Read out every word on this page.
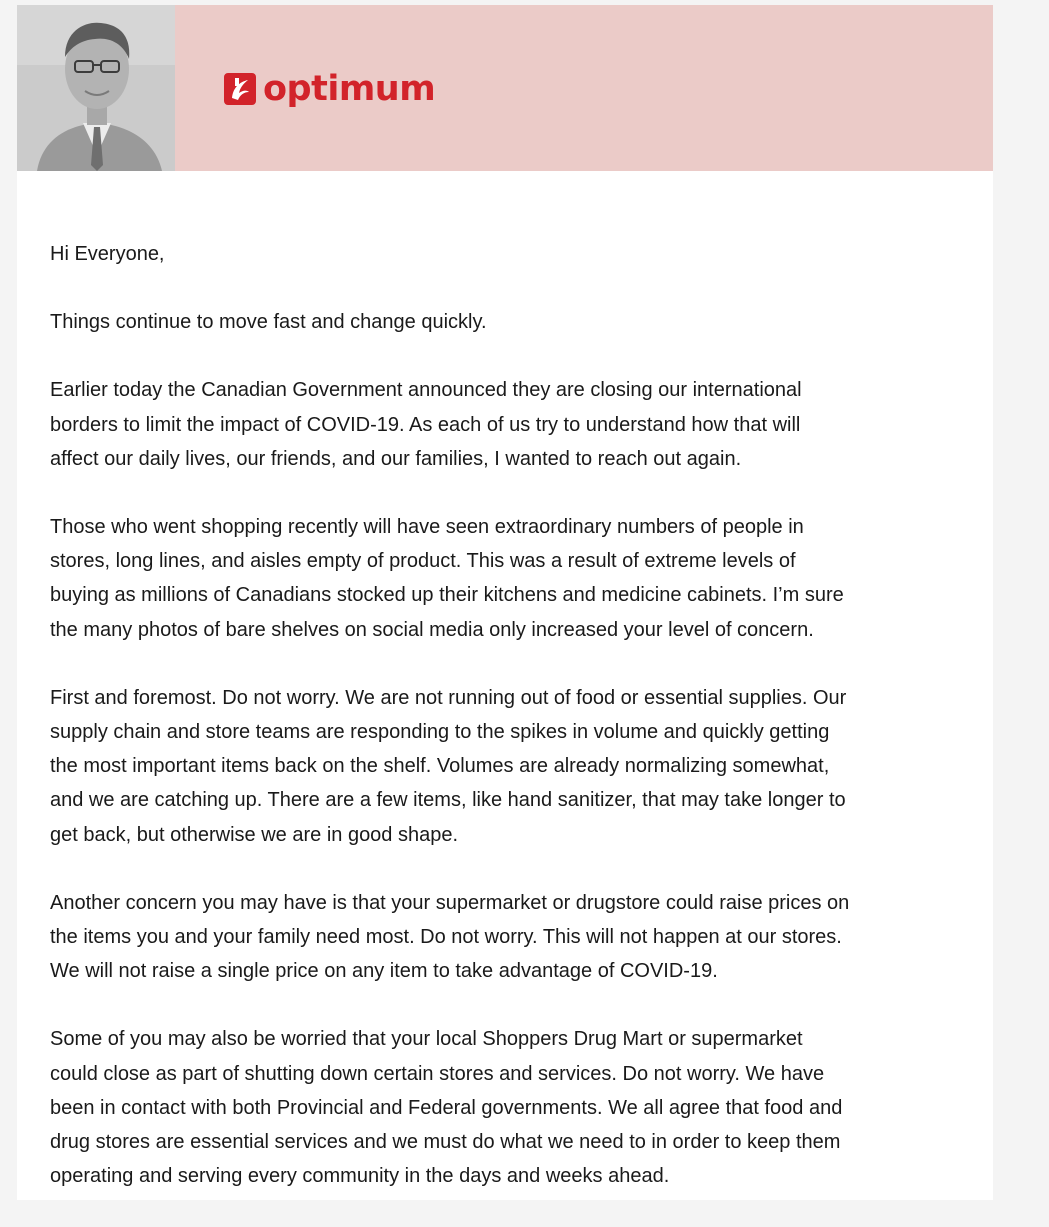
optimum

Hi Everyone,

Things continue to move fast and change quickly.

Earlier today the Canadian Government announced they are closing our international
borders to limit the impact of COVID-19. As each of us try to understand how that will
affect our daily lives, our friends, and our families, I wanted to reach out again.

Those who went shopping recently will have seen extraordinary numbers of people in
stores, long lines, and aisles empty of product. This was a result of extreme levels of
buying as millions of Canadians stocked up their kitchens and medicine cabinets. I’m sure
the many photos of bare shelves on social media only increased your level of concern.

First and foremost. Do not worry. We are not running out of food or essential supplies. Our
supply chain and store teams are responding to the spikes in volume and quickly getting
the most important items back on the shelf. Volumes are already normalizing somewhat,
and we are catching up. There are a few items, like hand sanitizer, that may take longer to
get back, but otherwise we are in good shape.

Another concern you may have is that your supermarket or drugstore could raise prices on
the items you and your family need most. Do not worry. This will not happen at our stores.
We will not raise a single price on any item to take advantage of COVID-19.

Some of you may also be worried that your local Shoppers Drug Mart or supermarket
could close as part of shutting down certain stores and services. Do not worry. We have
been in contact with both Provincial and Federal governments. We all agree that food and
drug stores are essential services and we must do what we need to in order to keep them
operating and serving every community in the days and weeks ahead.
